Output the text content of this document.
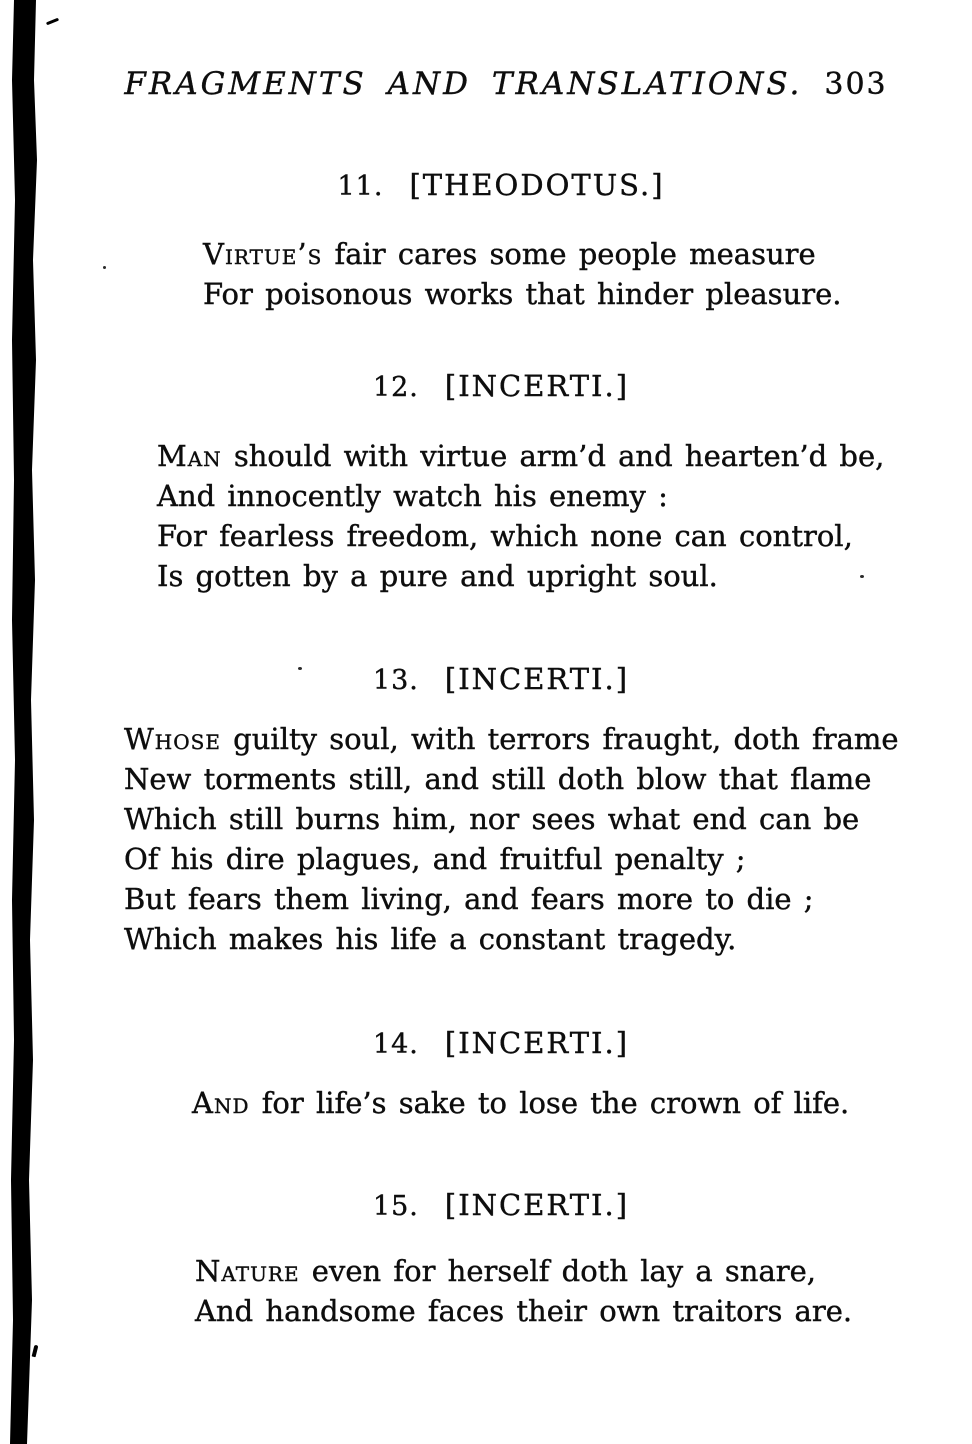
FRAGMENTS AND TRANSLATIONS. 303
11. [THEODOTUS.]
Virtue’s fair cares some people measure
For poisonous works that hinder pleasure.
12. [INCERTI.]
Man should with virtue arm’d and hearten’d be,
And innocently watch his enemy :
For fearless freedom, which none can control,
Is gotten by a pure and upright soul.
13. [INCERTI.]
Whose guilty soul, with terrors fraught, doth frame
New torments still, and still doth blow that flame
Which still burns him, nor sees what end can be
Of his dire plagues, and fruitful penalty ;
But fears them living, and fears more to die ;
Which makes his life a constant tragedy.
14. [INCERTI.]
And for life’s sake to lose the crown of life.
15. [INCERTI.]
Nature even for herself doth lay a snare,
And handsome faces their own traitors are.
